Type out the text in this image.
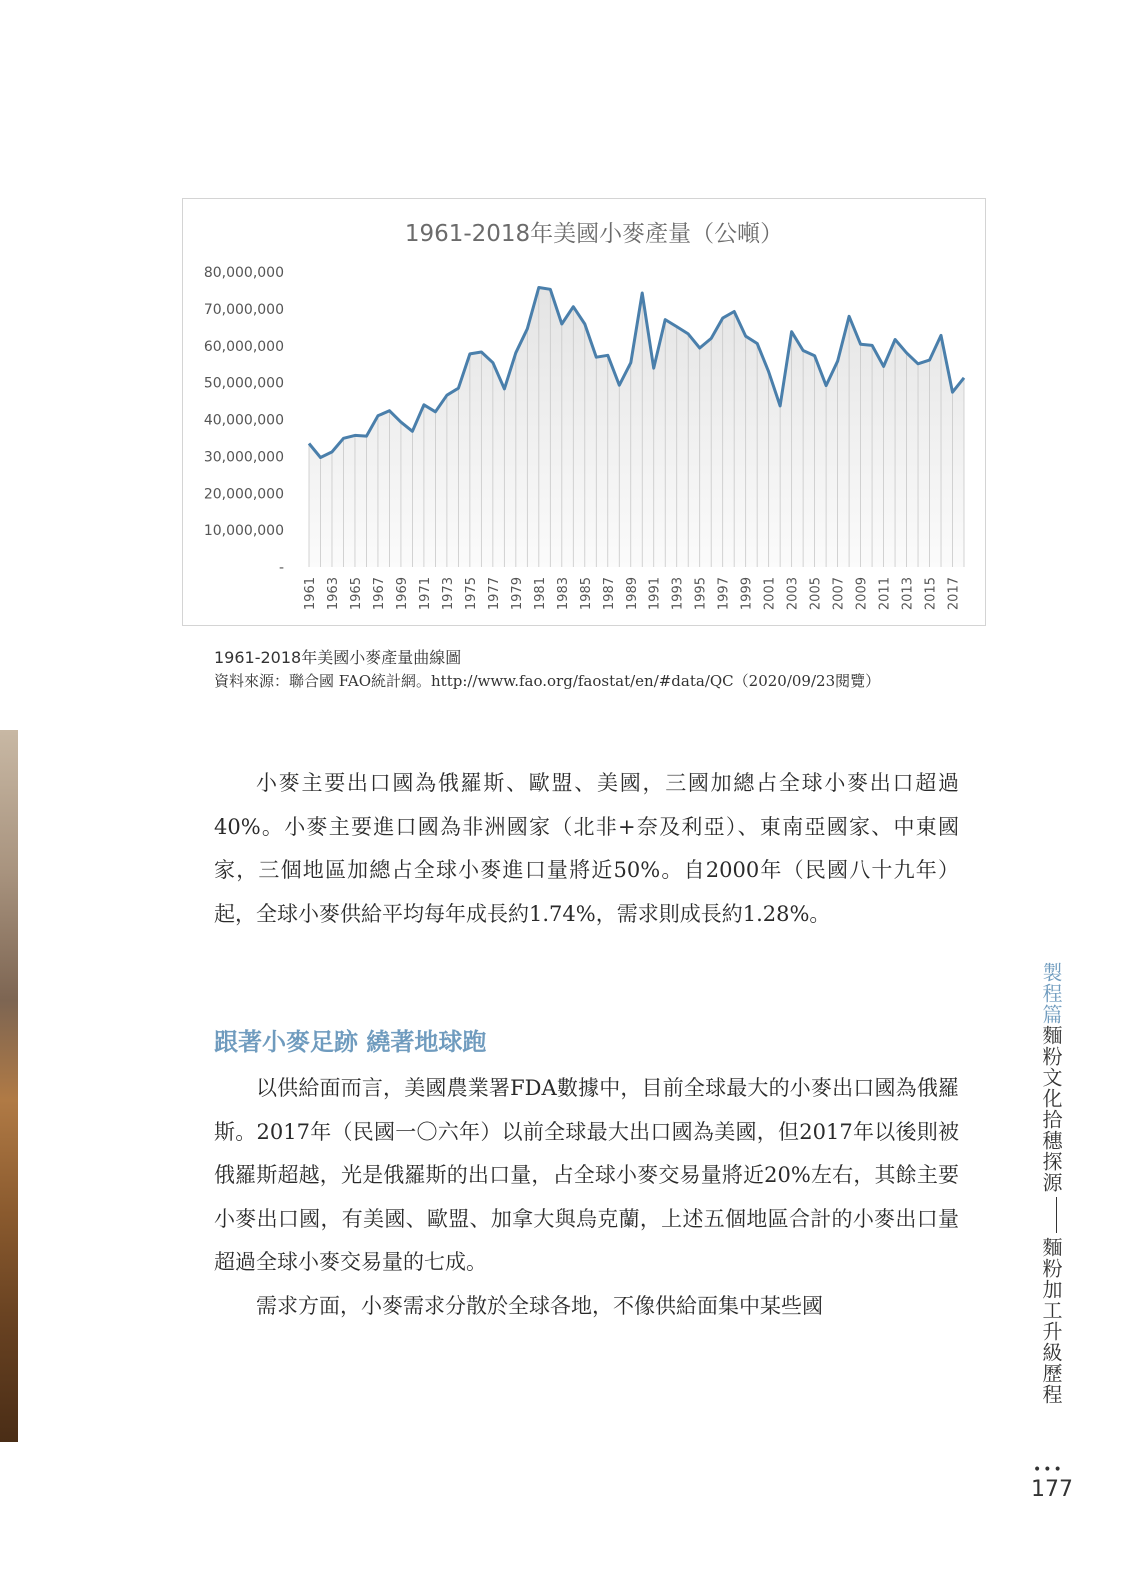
1961-2018年美國小麥產量（公噸）
-
10,000,000
20,000,000
30,000,000
40,000,000
50,000,000
60,000,000
70,000,000
80,000,000
1961 1963 1965 1967 1969 1971 1973 1975 1977 1979 1981 1983 1985 1987 1989 1991 1993 1995 1997 1999 2001 2003 2005 2007 2009 2011 2013 2015 2017
1961-2018年美國小麥產量曲線圖
資料來源：聯合國 FAO統計網。http://www.fao.org/faostat/en/#data/QC（2020/09/23閱覽）

小麥主要出口國為俄羅斯、歐盟、美國，三國加總占全球小麥出口超過40%。小麥主要進口國為非洲國家（北非+奈及利亞）、東南亞國家、中東國家，三個地區加總占全球小麥進口量將近50%。自2000年（民國八十九年）起，全球小麥供給平均每年成長約1.74%，需求則成長約1.28%。

跟著小麥足跡 繞著地球跑

以供給面而言，美國農業署FDA數據中，目前全球最大的小麥出口國為俄羅斯。2017年（民國一〇六年）以前全球最大出口國為美國，但2017年以後則被俄羅斯超越，光是俄羅斯的出口量，占全球小麥交易量將近20%左右，其餘主要小麥出口國，有美國、歐盟、加拿大與烏克蘭，上述五個地區合計的小麥出口量超過全球小麥交易量的七成。

需求方面，小麥需求分散於全球各地，不像供給面集中某些國

製程篇麵粉文化拾穗探源麵粉加工升級歷程
•••
177
